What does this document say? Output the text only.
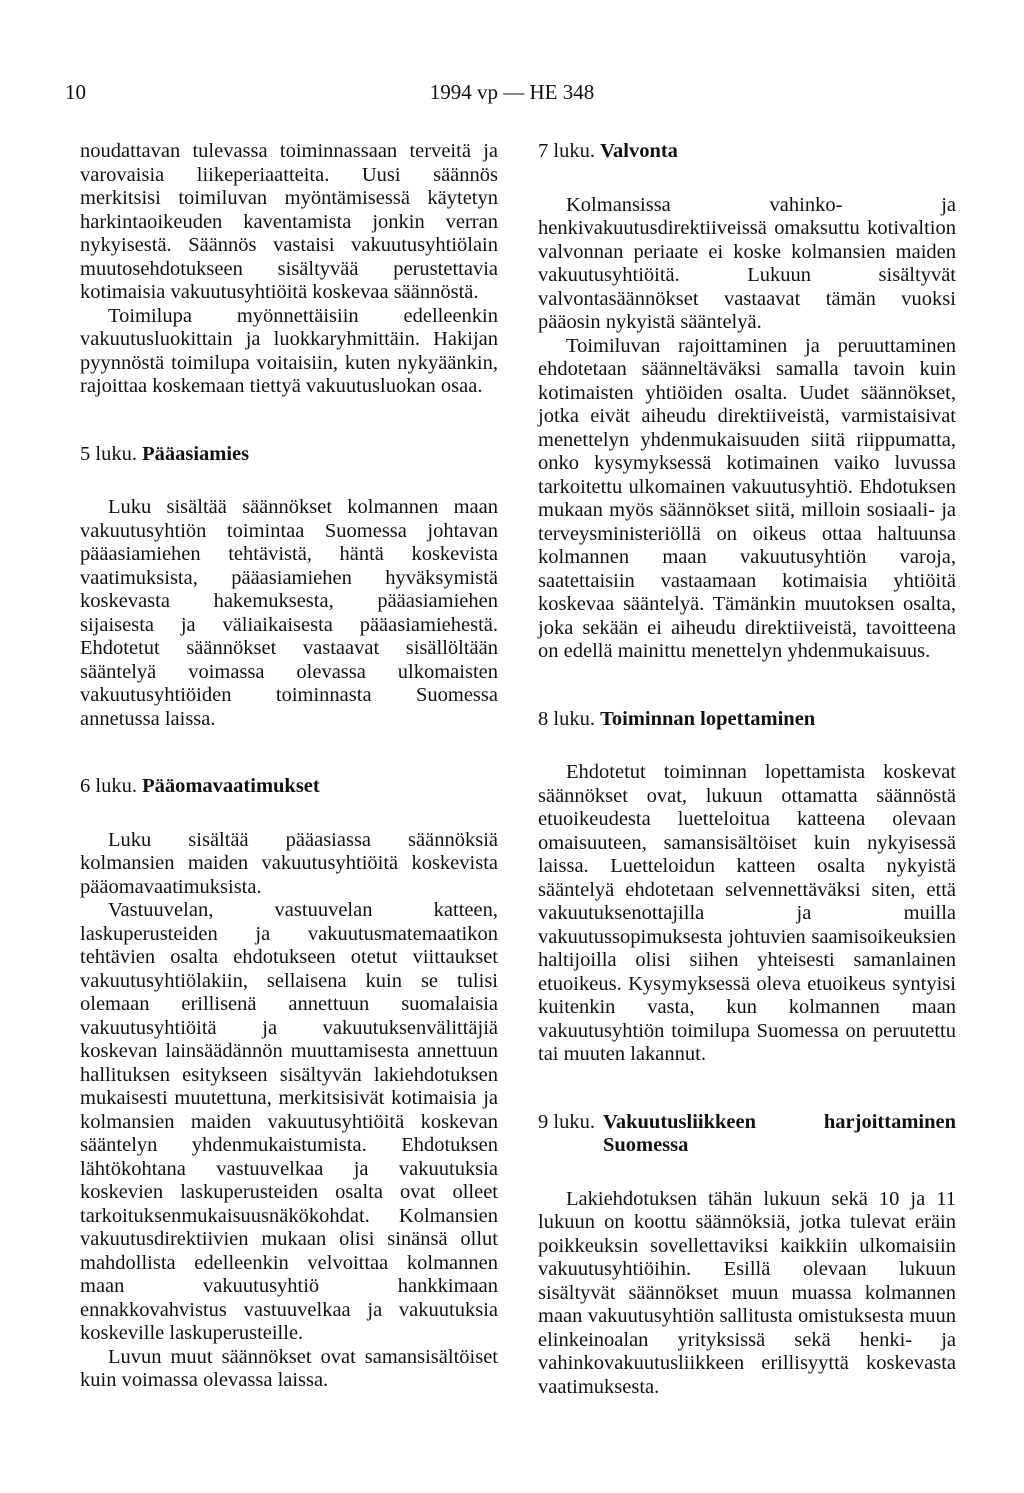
10	1994 vp — HE 348

noudattavan tulevassa toiminnassaan terveitä ja varovaisia liikeperiaatteita. Uusi säännös merkitsisi toimiluvan myöntämisessä käytetyn harkintaoikeuden kaventamista jonkin verran nykyisestä. Säännös vastaisi vakuutusyhtiölain muutosehdotukseen sisältyvää perustettavia kotimaisia vakuutusyhtiöitä koskevaa säännöstä.

Toimilupa myönnettäisiin edelleenkin vakuutusluokittain ja luokkaryhmittäin. Hakijan pyynnöstä toimilupa voitaisiin, kuten nykyäänkin, rajoittaa koskemaan tiettyä vakuutusluokan osaa.

5 luku. Pääasiamies

Luku sisältää säännökset kolmannen maan vakuutusyhtiön toimintaa Suomessa johtavan pääasiamiehen tehtävistä, häntä koskevista vaatimuksista, pääasiamiehen hyväksymistä koskevasta hakemuksesta, pääasiamiehen sijaisesta ja väliaikaisesta pääasiamiehestä. Ehdotetut säännökset vastaavat sisällöltään sääntelyä voimassa olevassa ulkomaisten vakuutusyhtiöiden toiminnasta Suomessa annetussa laissa.

6 luku. Pääomavaatimukset

Luku sisältää pääasiassa säännöksiä kolmansien maiden vakuutusyhtiöitä koskevista pääomavaatimuksista.

Vastuuvelan, vastuuvelan katteen, laskuperusteiden ja vakuutusmatemaatikon tehtävien osalta ehdotukseen otetut viittaukset vakuutusyhtiölakiin, sellaisena kuin se tulisi olemaan erillisenä annettuun suomalaisia vakuutusyhtiöitä ja vakuutuksenvälittäjiä koskevan lainsäädännön muuttamisesta annettuun hallituksen esitykseen sisältyvän lakiehdotuksen mukaisesti muutettuna, merkitsisivät kotimaisia ja kolmansien maiden vakuutusyhtiöitä koskevan sääntelyn yhdenmukaistumista. Ehdotuksen lähtökohtana vastuuvelkaa ja vakuutuksia koskevien laskuperusteiden osalta ovat olleet tarkoituksenmukaisuusnäkökohdat. Kolmansien vakuutusdirektiivien mukaan olisi sinänsä ollut mahdollista edelleenkin velvoittaa kolmannen maan vakuutusyhtiö hankkimaan ennakkovahvistus vastuuvelkaa ja vakuutuksia koskeville laskuperusteille.

Luvun muut säännökset ovat samansisältöiset kuin voimassa olevassa laissa.

7 luku. Valvonta

Kolmansissa vahinko- ja henkivakuutusdirektiiveissä omaksuttu kotivaltion valvonnan periaate ei koske kolmansien maiden vakuutusyhtiöitä. Lukuun sisältyvät valvontasäännökset vastaavat tämän vuoksi pääosin nykyistä sääntelyä.

Toimiluvan rajoittaminen ja peruuttaminen ehdotetaan säänneltäväksi samalla tavoin kuin kotimaisten yhtiöiden osalta. Uudet säännökset, jotka eivät aiheudu direktiiveistä, varmistaisivat menettelyn yhdenmukaisuuden siitä riippumatta, onko kysymyksessä kotimainen vaiko luvussa tarkoitettu ulkomainen vakuutusyhtiö. Ehdotuksen mukaan myös säännökset siitä, milloin sosiaali- ja terveysministeriöllä on oikeus ottaa haltuunsa kolmannen maan vakuutusyhtiön varoja, saatettaisiin vastaamaan kotimaisia yhtiöitä koskevaa sääntelyä. Tämänkin muutoksen osalta, joka sekään ei aiheudu direktiiveistä, tavoitteena on edellä mainittu menettelyn yhdenmukaisuus.

8 luku. Toiminnan lopettaminen

Ehdotetut toiminnan lopettamista koskevat säännökset ovat, lukuun ottamatta säännöstä etuoikeudesta luetteloitua katteena olevaan omaisuuteen, samansisältöiset kuin nykyisessä laissa. Luetteloidun katteen osalta nykyistä sääntelyä ehdotetaan selvennettäväksi siten, että vakuutuksenottajilla ja muilla vakuutussopimuksesta johtuvien saamisoikeuksien haltijoilla olisi siihen yhteisesti samanlainen etuoikeus. Kysymyksessä oleva etuoikeus syntyisi kuitenkin vasta, kun kolmannen maan vakuutusyhtiön toimilupa Suomessa on peruutettu tai muuten lakannut.

9 luku. Vakuutusliikkeen harjoittaminen Suomessa

Lakiehdotuksen tähän lukuun sekä 10 ja 11 lukuun on koottu säännöksiä, jotka tulevat eräin poikkeuksin sovellettaviksi kaikkiin ulkomaisiin vakuutusyhtiöihin. Esillä olevaan lukuun sisältyvät säännökset muun muassa kolmannen maan vakuutusyhtiön sallitusta omistuksesta muun elinkeinoalan yrityksissä sekä henki- ja vahinkovakuutusliikkeen erillisyyttä koskevasta vaatimuksesta.
